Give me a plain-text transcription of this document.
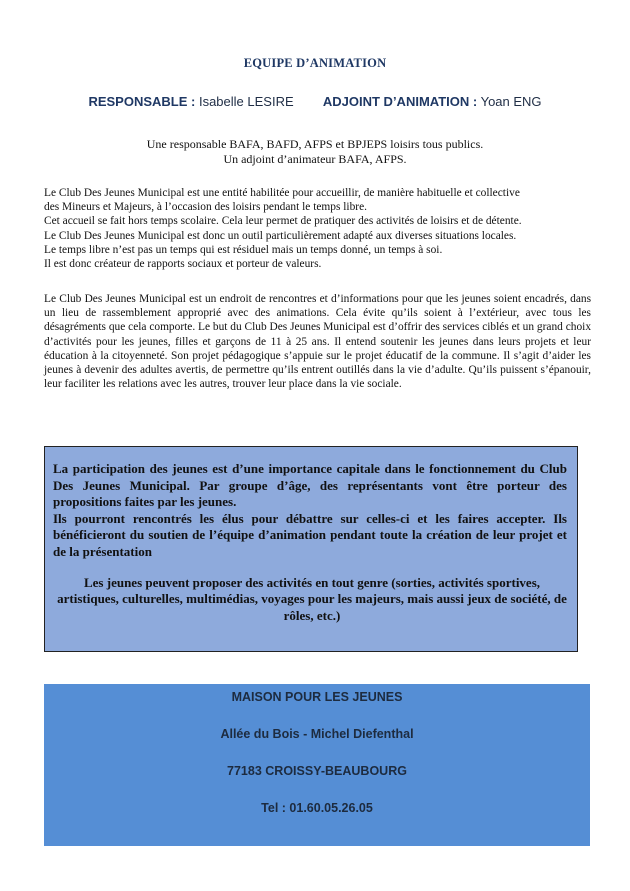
EQUIPE D’ANIMATION
RESPONSABLE : Isabelle LESIRE ADJOINT D’ANIMATION : Yoan ENG
Une responsable BAFA, BAFD, AFPS et BPJEPS loisirs tous publics.
Un adjoint d’animateur BAFA, AFPS.
Le Club Des Jeunes Municipal est une entité habilitée pour accueillir, de manière habituelle et collective
des Mineurs et Majeurs, à l’occasion des loisirs pendant le temps libre.
Cet accueil se fait hors temps scolaire. Cela leur permet de pratiquer des activités de loisirs et de détente.
Le Club Des Jeunes Municipal est donc un outil particulièrement adapté aux diverses situations locales.
Le temps libre n’est pas un temps qui est résiduel mais un temps donné, un temps à soi.
Il est donc créateur de rapports sociaux et porteur de valeurs.
Le Club Des Jeunes Municipal est un endroit de rencontres et d’informations pour que les jeunes soient encadrés, dans un lieu de rassemblement approprié avec des animations. Cela évite qu’ils soient à l’extérieur, avec tous les désagréments que cela comporte. Le but du Club Des Jeunes Municipal est d’offrir des services ciblés et un grand choix d’activités pour les jeunes, filles et garçons de 11 à 25 ans. Il entend soutenir les jeunes dans leurs projets et leur éducation à la citoyenneté. Son projet pédagogique s’appuie sur le projet éducatif de la commune. Il s’agit d’aider les jeunes à devenir des adultes avertis, de permettre qu’ils entrent outillés dans la vie d’adulte. Qu’ils puissent s’épanouir, leur faciliter les relations avec les autres, trouver leur place dans la vie sociale.
La participation des jeunes est d’une importance capitale dans le fonctionnement du Club Des Jeunes Municipal. Par groupe d’âge, des représentants vont être porteur des propositions faites par les jeunes.
Ils pourront rencontrés les élus pour débattre sur celles-ci et les faires accepter. Ils bénéficieront du soutien de l’équipe d’animation pendant toute la création de leur projet et de la présentation
Les jeunes peuvent proposer des activités en tout genre (sorties, activités sportives, artistiques, culturelles, multimédias, voyages pour les majeurs, mais aussi jeux de société, de rôles, etc.)
MAISON POUR LES JEUNES
Allée du Bois - Michel Diefenthal
77183 CROISSY-BEAUBOURG
Tel : 01.60.05.26.05
